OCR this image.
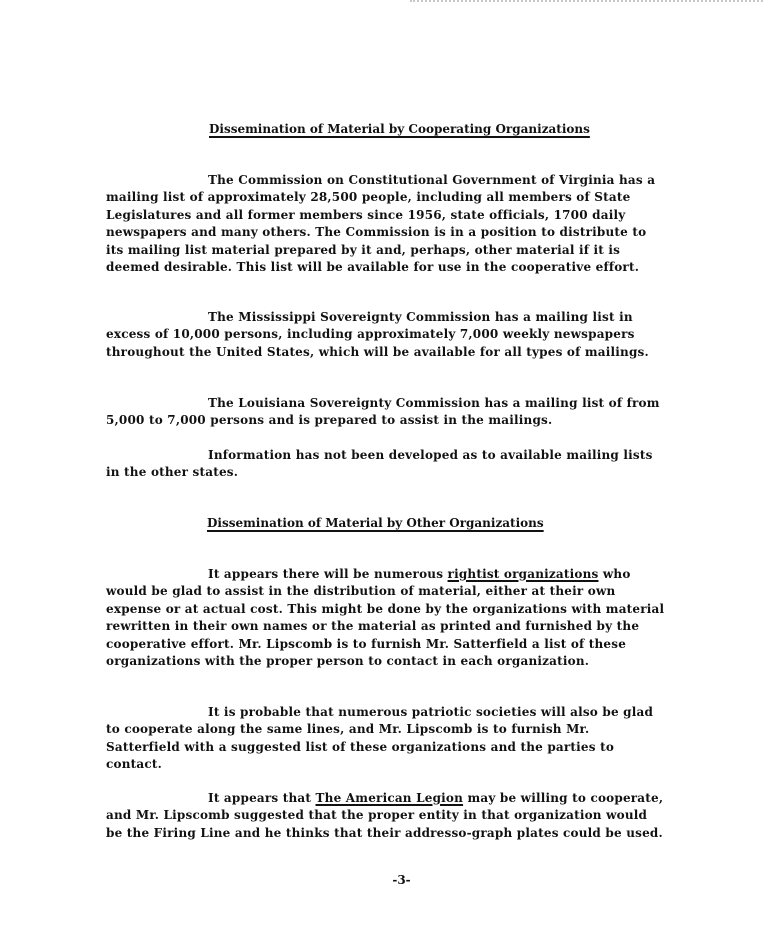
Dissemination of Material by Cooperating Organizations

The Commission on Constitutional Government of Virginia has a mailing list of approximately 28,500 people, including all members of State Legislatures and all former members since 1956, state officials, 1700 daily newspapers and many others. The Commission is in a position to distribute to its mailing list material prepared by it and, perhaps, other material if it is deemed desirable. This list will be available for use in the cooperative effort.

The Mississippi Sovereignty Commission has a mailing list in excess of 10,000 persons, including approximately 7,000 weekly newspapers throughout the United States, which will be available for all types of mailings.

The Louisiana Sovereignty Commission has a mailing list of from 5,000 to 7,000 persons and is prepared to assist in the mailings.

Information has not been developed as to available mailing lists in the other states.

Dissemination of Material by Other Organizations

It appears there will be numerous rightist organizations who would be glad to assist in the distribution of material, either at their own expense or at actual cost. This might be done by the organizations with material rewritten in their own names or the material as printed and furnished by the cooperative effort. Mr. Lipscomb is to furnish Mr. Satterfield a list of these organizations with the proper person to contact in each organization.

It is probable that numerous patriotic societies will also be glad to cooperate along the same lines, and Mr. Lipscomb is to furnish Mr. Satterfield with a suggested list of these organizations and the parties to contact.

It appears that The American Legion may be willing to cooperate, and Mr. Lipscomb suggested that the proper entity in that organization would be the Firing Line and he thinks that their addresso-graph plates could be used.

-3-
